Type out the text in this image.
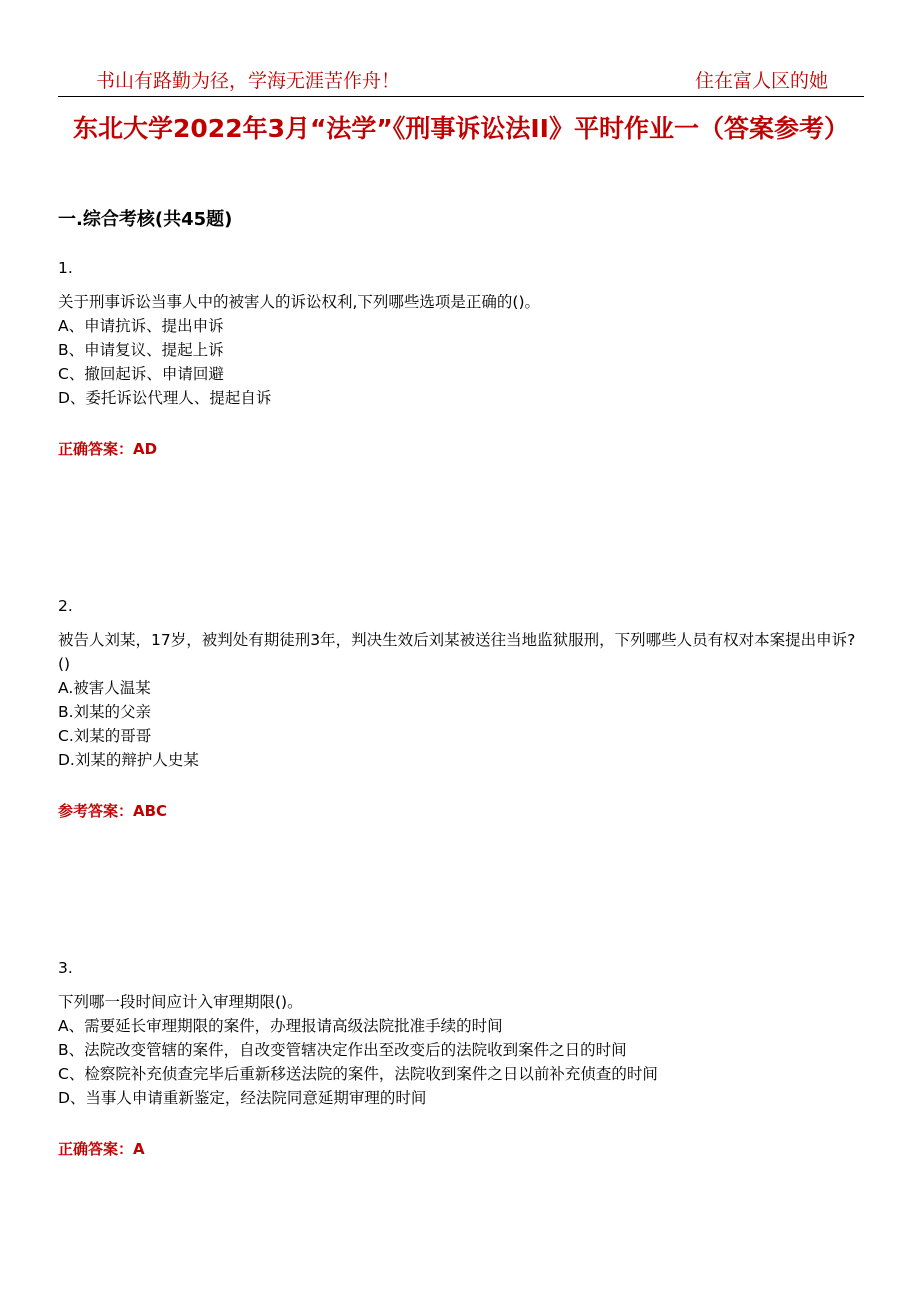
书山有路勤为径，学海无涯苦作舟！	住在富人区的她
东北大学2022年3月“法学”《刑事诉讼法II》平时作业一（答案参考）
一.综合考核(共45题)
1.
关于刑事诉讼当事人中的被害人的诉讼权利,下列哪些选项是正确的()。
A、申请抗诉、提出申诉
B、申请复议、提起上诉
C、撤回起诉、申请回避
D、委托诉讼代理人、提起自诉
正确答案：AD
2.
被告人刘某，17岁，被判处有期徒刑3年，判决生效后刘某被送往当地监狱服刑，下列哪些人员有权对本案提出申诉?()
A.被害人温某
B.刘某的父亲
C.刘某的哥哥
D.刘某的辩护人史某
参考答案：ABC
3.
下列哪一段时间应计入审理期限()。
A、需要延长审理期限的案件，办理报请高级法院批准手续的时间
B、法院改变管辖的案件，自改变管辖决定作出至改变后的法院收到案件之日的时间
C、检察院补充侦查完毕后重新移送法院的案件，法院收到案件之日以前补充侦查的时间
D、当事人申请重新鉴定，经法院同意延期审理的时间
正确答案：A
